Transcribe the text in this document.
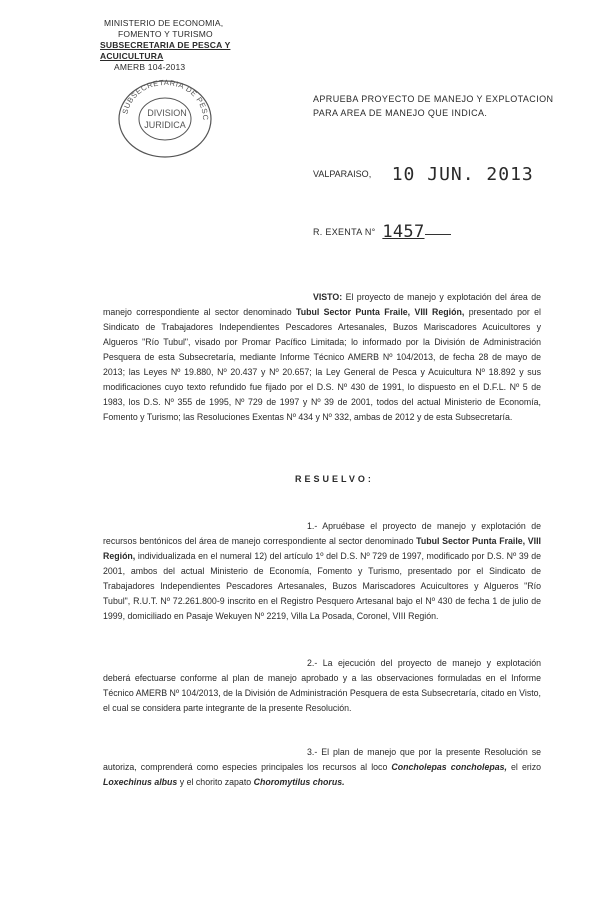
MINISTERIO DE ECONOMIA,
FOMENTO Y TURISMO
SUBSECRETARIA DE PESCA Y ACUICULTURA
AMERB 104-2013
SUBSECRETARIA DE PESC
DIVISION
JURIDICA
APRUEBA PROYECTO DE MANEJO Y EXPLOTACION
PARA AREA DE MANEJO QUE INDICA.
VALPARAISO, 10 JUN. 2013
R. EXENTA N° 1457
VISTO: El proyecto de manejo y explotación del área de manejo correspondiente al sector denominado Tubul Sector Punta Fraile, VIII Región, presentado por el Sindicato de Trabajadores Independientes Pescadores Artesanales, Buzos Mariscadores Acuicultores y Algueros "Río Tubul", visado por Promar Pacífico Limitada; lo informado por la División de Administración Pesquera de esta Subsecretaría, mediante Informe Técnico AMERB Nº 104/2013, de fecha 28 de mayo de 2013; las Leyes Nº 19.880, Nº 20.437 y Nº 20.657; la Ley General de Pesca y Acuicultura Nº 18.892 y sus modificaciones cuyo texto refundido fue fijado por el D.S. Nº 430 de 1991, lo dispuesto en el D.F.L. Nº 5 de 1983, los D.S. Nº 355 de 1995, Nº 729 de 1997 y Nº 39 de 2001, todos del actual Ministerio de Economía, Fomento y Turismo; las Resoluciones Exentas Nº 434 y Nº 332, ambas de 2012 y de esta Subsecretaría.
RESUELVO:
1.- Apruébase el proyecto de manejo y explotación de recursos bentónicos del área de manejo correspondiente al sector denominado Tubul Sector Punta Fraile, VIII Región, individualizada en el numeral 12) del artículo 1º del D.S. Nº 729 de 1997, modificado por D.S. Nº 39 de 2001, ambos del actual Ministerio de Economía, Fomento y Turismo, presentado por el Sindicato de Trabajadores Independientes Pescadores Artesanales, Buzos Mariscadores Acuicultores y Algueros "Río Tubul", R.U.T. Nº 72.261.800-9 inscrito en el Registro Pesquero Artesanal bajo el Nº 430 de fecha 1 de julio de 1999, domiciliado en Pasaje Wekuyen Nº 2219, Villa La Posada, Coronel, VIII Región.
2.- La ejecución del proyecto de manejo y explotación deberá efectuarse conforme al plan de manejo aprobado y a las observaciones formuladas en el Informe Técnico AMERB Nº 104/2013, de la División de Administración Pesquera de esta Subsecretaría, citado en Visto, el cual se considera parte integrante de la presente Resolución.
3.- El plan de manejo que por la presente Resolución se autoriza, comprenderá como especies principales los recursos al loco Concholepas concholepas, el erizo Loxechinus albus y el chorito zapato Choromytilus chorus.
